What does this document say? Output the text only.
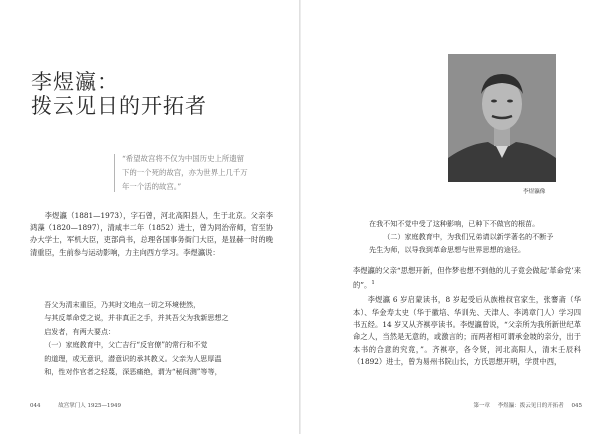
李煜瀛：
拨云见日的开拓者
“希望故宫将不仅为中国历史上所遗留
下的一个死的故宫，亦为世界上几千万
年一个活的故宫。”

李煜瀛（1881—1973），字石曾，河北高阳县人，生于北京。父亲李鸿藻（1820—1897），清咸丰二年（1852）进士，曾为同治帝师，官至协办大学士，军机大臣，吏部尚书，总理各国事务衙门大臣，是显赫一时的晚清重臣，生前参与运动影响，力主向西方学习。李煜瀛说：

吾父为清末重臣，乃其时文地点一切之环境使然，

与其反革命党之说，并非真正之手，并其吾父为我新思想之

启发者，有两大要点：

（一）家庭教育中，父亡吉行“反官僚”的常行和不觉

的道理，或无意识，潜意识的承其教义。父亲为人思厚温

和，性对作官者之轻蔑，深恶痛绝，谓为“秘间测”等等，

044	故宫掌门人 1925—1949
李煜瀛像

在我不知不觉中受了这种影响，已种下不做官的根苗。

（二）家庭教育中，为我们兄弟请以新学著名的不断予

先生为师，以导我到革命思想与世界思想的途径。

李煜瀛的父亲“思想开新，但作梦也想不到他的儿子竟会做起‘革命党’来的”。$^1$

李煜瀛 6 岁启蒙读书，8 岁起受后从族椎叔官家生，张謇斋（华本）、华金寿太史（华于徽培、华训先、天津人、李鸿章门人）学习四书五经。14 岁又从齐褀亭读书。李煜瀛曾说，“父亲所为我所新世纪革命之人，当然是无意的，或激言的；而两者相可谓承金坡的亲分，出于本书的合意的究竟，”。齐褀亭，各令贤，河北高阳人，清末壬辰科（1892）进士，曾为易州书院山长，方氏思想开明，学贯中西，

第一章 李煜瀛：拨云见日的开拓者 045
